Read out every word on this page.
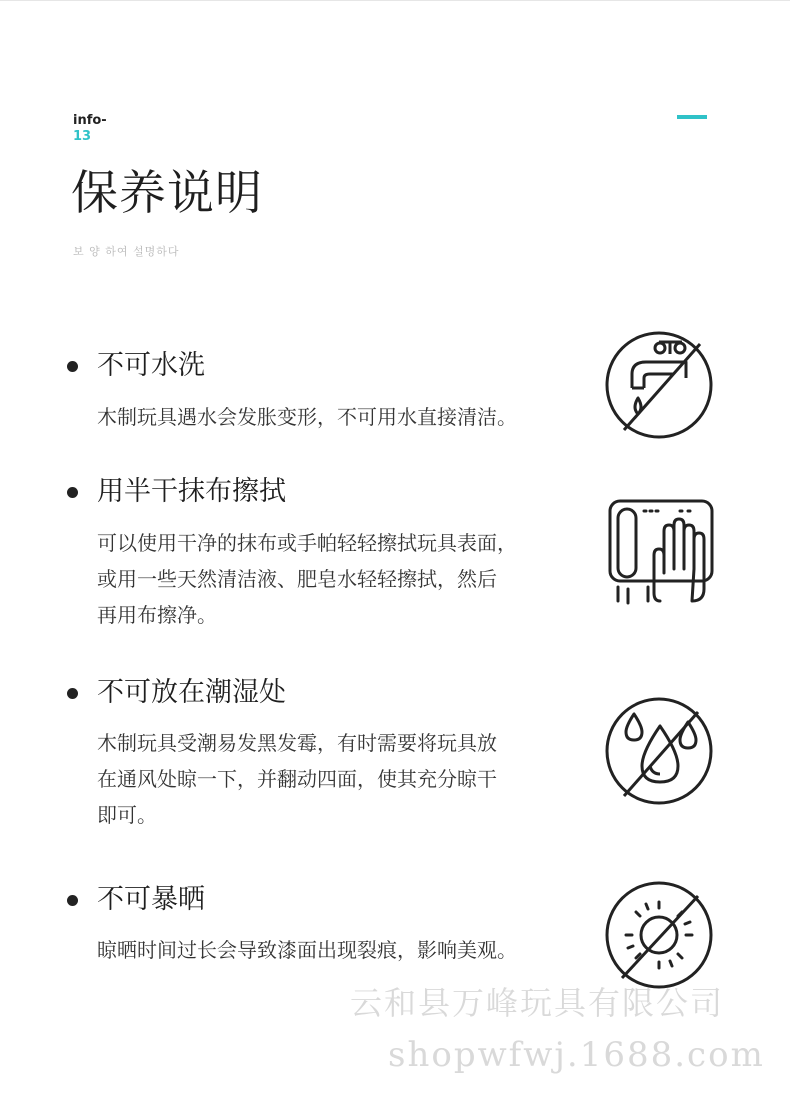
info-
13
保养说明
보 양 하여 설명하다
不可水洗
木制玩具遇水会发胀变形，不可用水直接清洁。
用半干抹布擦拭
可以使用干净的抹布或手帕轻轻擦拭玩具表面，
或用一些天然清洁液、肥皂水轻轻擦拭，然后
再用布擦净。
不可放在潮湿处
木制玩具受潮易发黑发霉，有时需要将玩具放
在通风处晾一下，并翻动四面，使其充分晾干
即可。
不可暴晒
晾晒时间过长会导致漆面出现裂痕，影响美观。
云和县万峰玩具有限公司
shopwfwj.1688.com
